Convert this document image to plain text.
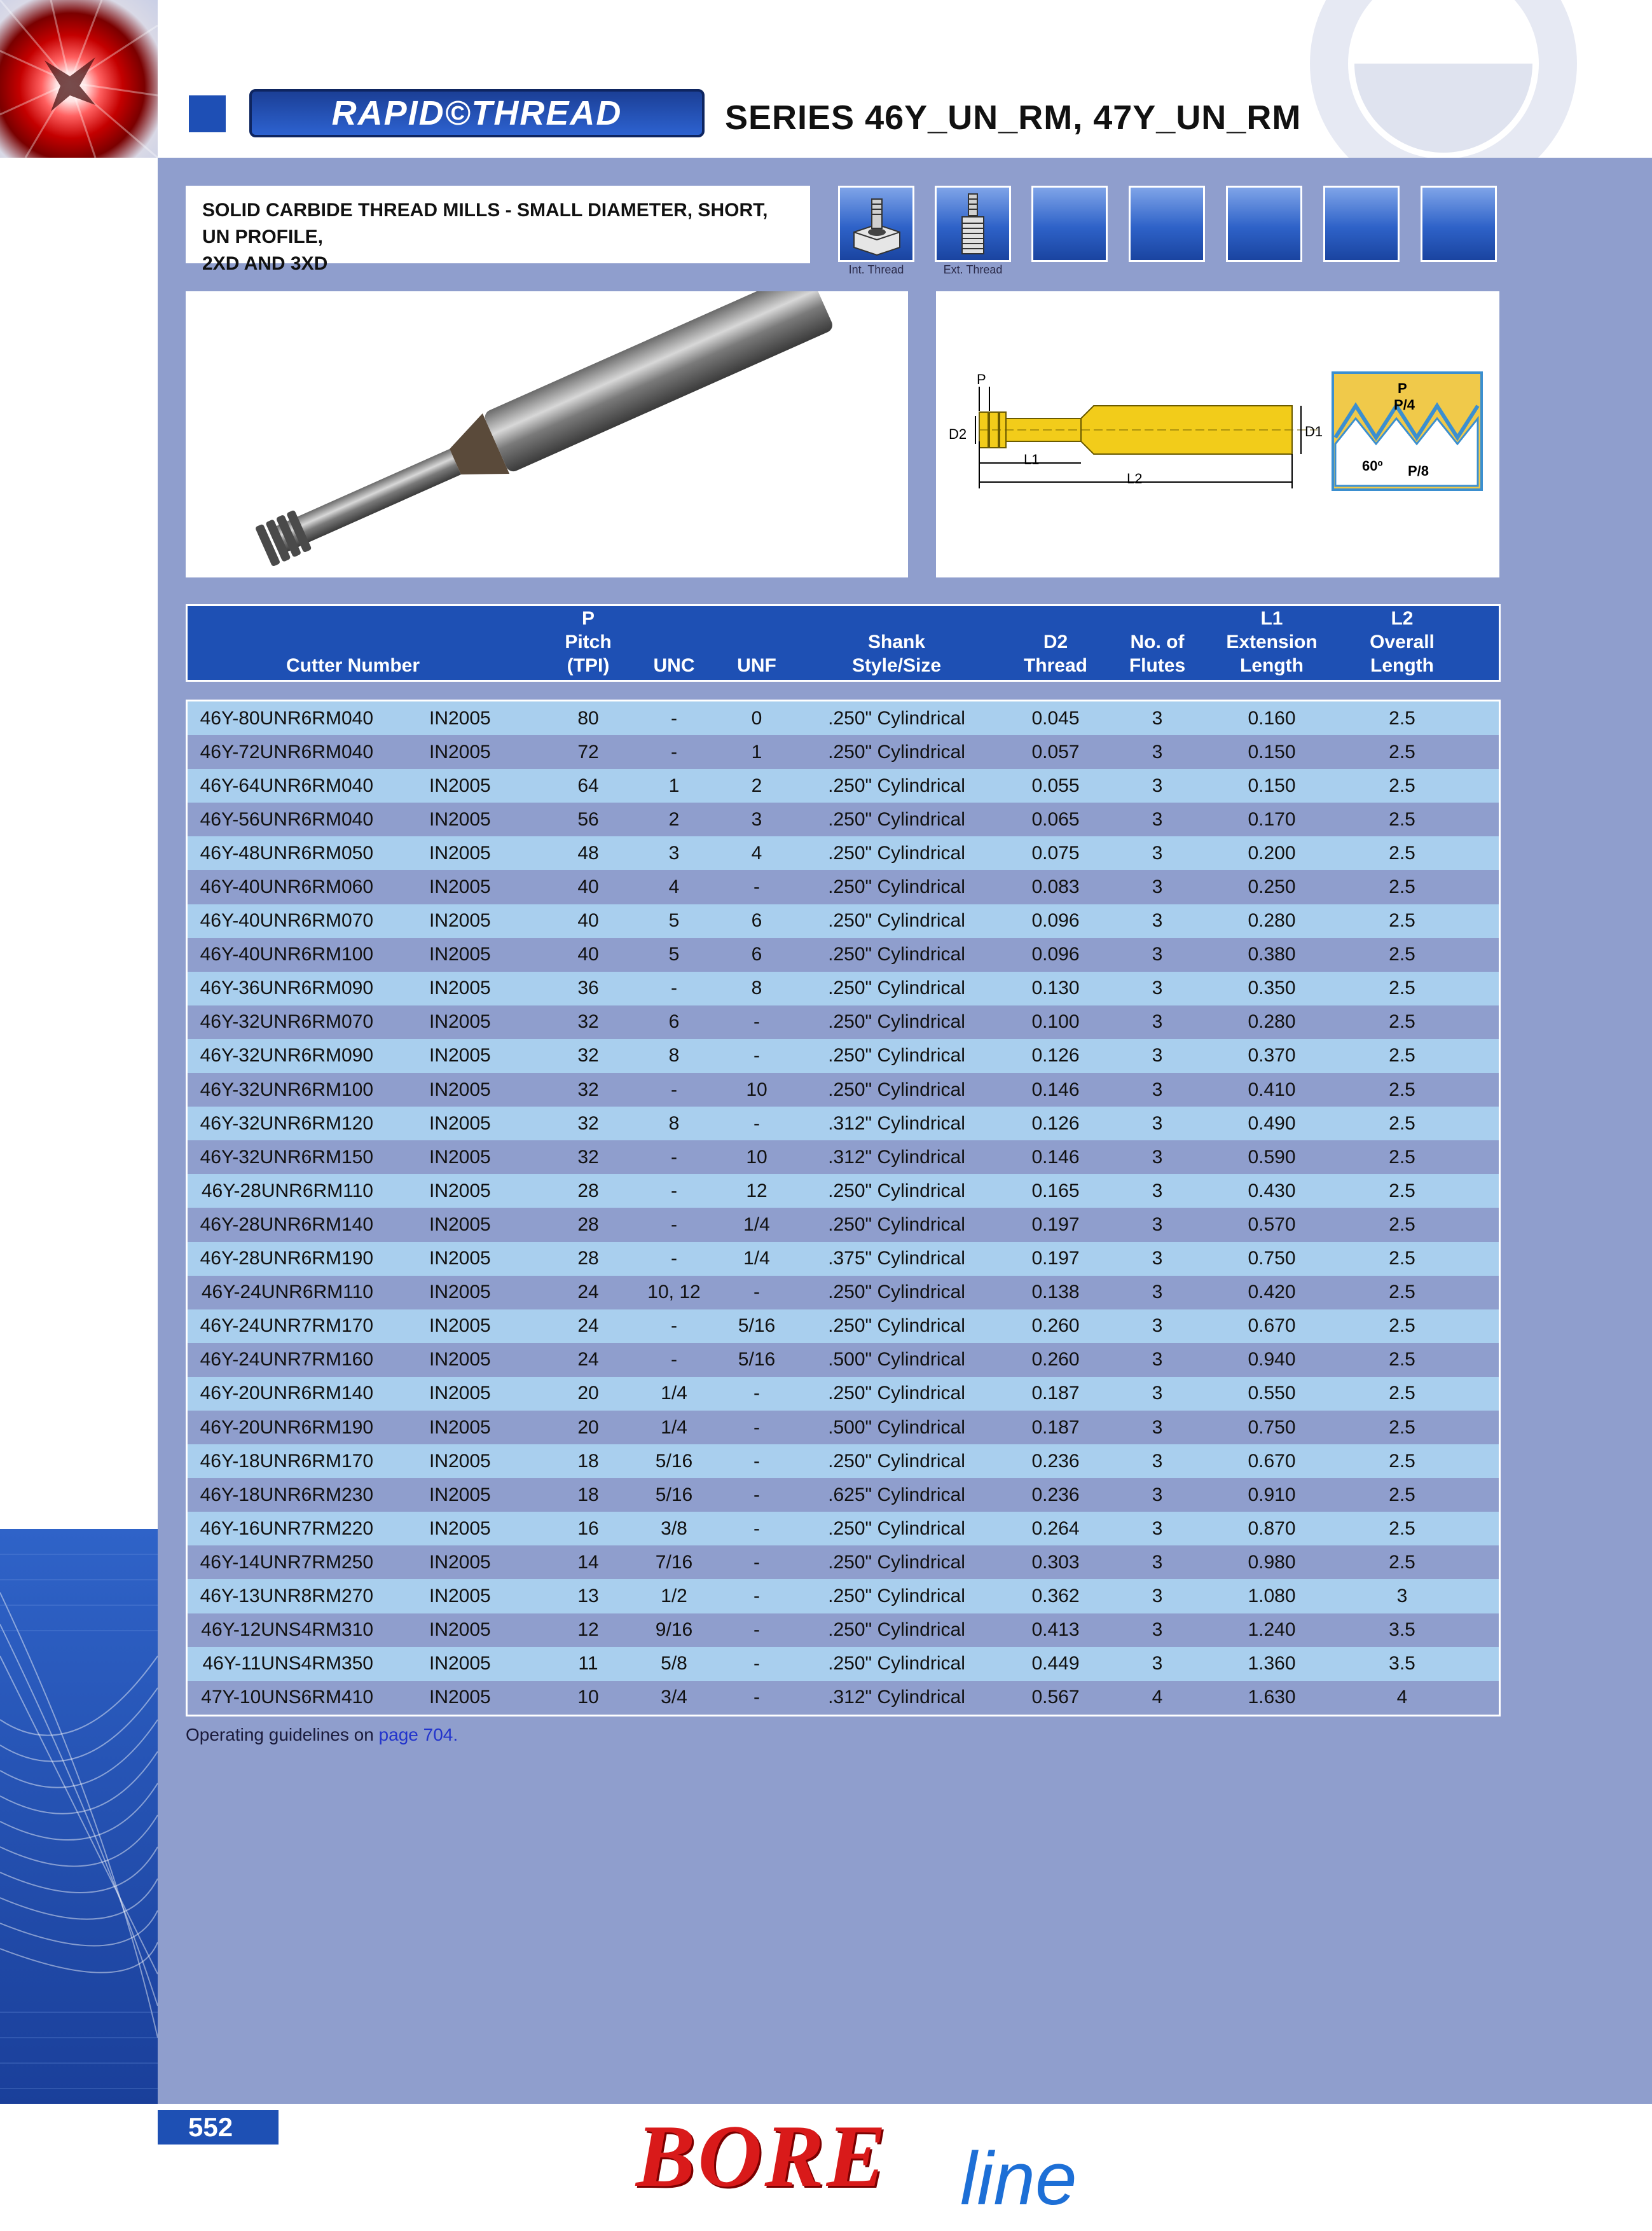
RAPID©THREAD	SERIES 46Y_UN_RM, 47Y_UN_RM
SOLID CARBIDE THREAD MILLS - SMALL DIAMETER, SHORT, UN PROFILE,
2XD AND 3XD	Int. Thread	Ext. Thread
P
D2
L1
L2
D1
P
P/4
60º P/8

Cutter Number
P
Pitch
(TPI)

	UNC

	UNF

Shank
Style/Size

D2
Thread

No. of
Flutes
L1
Extension
Length
L2
Overall
Length
46Y-80UNR6RM040	IN2005	80	-	0	.250" Cylindrical	0.045	3	0.160	2.5
46Y-72UNR6RM040	IN2005	72	-	1	.250" Cylindrical	0.057	3	0.150	2.5
46Y-64UNR6RM040	IN2005	64	1	2	.250" Cylindrical	0.055	3	0.150	2.5
46Y-56UNR6RM040	IN2005	56	2	3	.250" Cylindrical	0.065	3	0.170	2.5
46Y-48UNR6RM050	IN2005	48	3	4	.250" Cylindrical	0.075	3	0.200	2.5
46Y-40UNR6RM060	IN2005	40	4	-	.250" Cylindrical	0.083	3	0.250	2.5
46Y-40UNR6RM070	IN2005	40	5	6	.250" Cylindrical	0.096	3	0.280	2.5
46Y-40UNR6RM100	IN2005	40	5	6	.250" Cylindrical	0.096	3	0.380	2.5
46Y-36UNR6RM090	IN2005	36	-	8	.250" Cylindrical	0.130	3	0.350	2.5
46Y-32UNR6RM070	IN2005	32	6	-	.250" Cylindrical	0.100	3	0.280	2.5
46Y-32UNR6RM090	IN2005	32	8	-	.250" Cylindrical	0.126	3	0.370	2.5
46Y-32UNR6RM100	IN2005	32	-	10	.250" Cylindrical	0.146	3	0.410	2.5
46Y-32UNR6RM120	IN2005	32	8	-	.312" Cylindrical	0.126	3	0.490	2.5
46Y-32UNR6RM150	IN2005	32	-	10	.312" Cylindrical	0.146	3	0.590	2.5
46Y-28UNR6RM110	IN2005	28	-	12	.250" Cylindrical	0.165	3	0.430	2.5
46Y-28UNR6RM140	IN2005	28	-	1/4	.250" Cylindrical	0.197	3	0.570	2.5
46Y-28UNR6RM190	IN2005	28	-	1/4	.375" Cylindrical	0.197	3	0.750	2.5
46Y-24UNR6RM110	IN2005	24	10, 12	-	.250" Cylindrical	0.138	3	0.420	2.5
46Y-24UNR7RM170	IN2005	24	-	5/16	.250" Cylindrical	0.260	3	0.670	2.5
46Y-24UNR7RM160	IN2005	24	-	5/16	.500" Cylindrical	0.260	3	0.940	2.5
46Y-20UNR6RM140	IN2005	20	1/4	-	.250" Cylindrical	0.187	3	0.550	2.5
46Y-20UNR6RM190	IN2005	20	1/4	-	.500" Cylindrical	0.187	3	0.750	2.5
46Y-18UNR6RM170	IN2005	18	5/16	-	.250" Cylindrical	0.236	3	0.670	2.5
46Y-18UNR6RM230	IN2005	18	5/16	-	.625" Cylindrical	0.236	3	0.910	2.5
46Y-16UNR7RM220	IN2005	16	3/8	-	.250" Cylindrical	0.264	3	0.870	2.5
46Y-14UNR7RM250	IN2005	14	7/16	-	.250" Cylindrical	0.303	3	0.980	2.5
46Y-13UNR8RM270	IN2005	13	1/2	-	.250" Cylindrical	0.362	3	1.080	3
46Y-12UNS4RM310	IN2005	12	9/16	-	.250" Cylindrical	0.413	3	1.240	3.5
46Y-11UNS4RM350	IN2005	11	5/8	-	.250" Cylindrical	0.449	3	1.360	3.5
47Y-10UNS6RM410	IN2005	10	3/4	-	.312" Cylindrical	0.567	4	1.630	4
Operating guidelines on page 704.
552	BORE line
